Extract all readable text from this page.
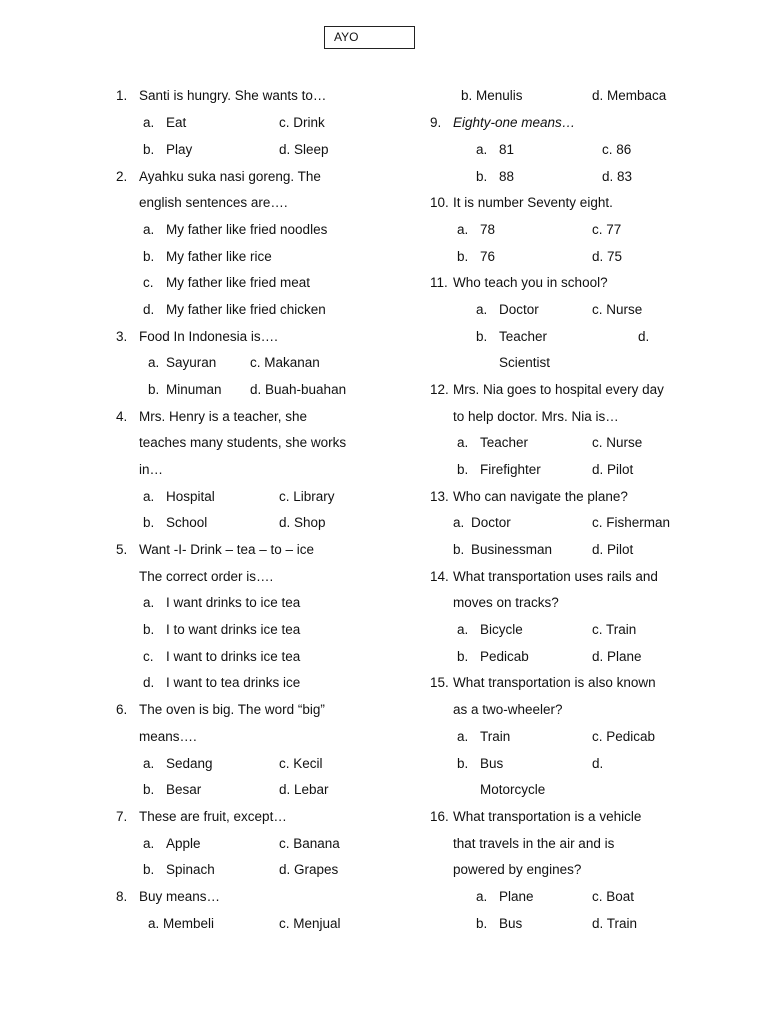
AYO
1. Santi is hungry. She wants to…
a. Eat	c. Drink
b. Play	d. Sleep
2. Ayahku suka nasi goreng. The
english sentences are….
a. My father like fried noodles
b. My father like rice
c. My father like fried meat
d. My father like fried chicken
3. Food In Indonesia is….
a. Sayuran c. Makanan
b. Minuman d. Buah-buahan
4. Mrs. Henry is a teacher, she
teaches many students, she works
in…
a. Hospital	c. Library
b. School	d. Shop
5. Want -I- Drink – tea – to – ice
The correct order is….
a. I want drinks to ice tea
b. I to want drinks ice tea
c. I want to drinks ice tea
d. I want to tea drinks ice
6. The oven is big. The word “big”
means….
a. Sedang	c. Kecil
b. Besar	d. Lebar
7. These are fruit, except…
a. Apple	c. Banana
b. Spinach	d. Grapes
8. Buy means…
a. Membeli	c. Menjual
b. Menulis	d. Membaca
9. Eighty-one means…
a. 81	c. 86
b. 88	d. 83
10. It is number Seventy eight.
a. 78	c. 77
b. 76	d. 75
11. Who teach you in school?
a. Doctor	c. Nurse
b. Teacher	d.
Scientist
12. Mrs. Nia goes to hospital every day
to help doctor. Mrs. Nia is…
a. Teacher	c. Nurse
b. Firefighter	d. Pilot
13. Who can navigate the plane?
a. Doctor	c. Fisherman
b. Businessman	d. Pilot
14. What transportation uses rails and
moves on tracks?
a. Bicycle	c. Train
b. Pedicab	d. Plane
15. What transportation is also known
as a two-wheeler?
a. Train	c. Pedicab
b. Bus	d.
Motorcycle
16. What transportation is a vehicle
that travels in the air and is
powered by engines?
a. Plane	c. Boat
b. Bus	d. Train
